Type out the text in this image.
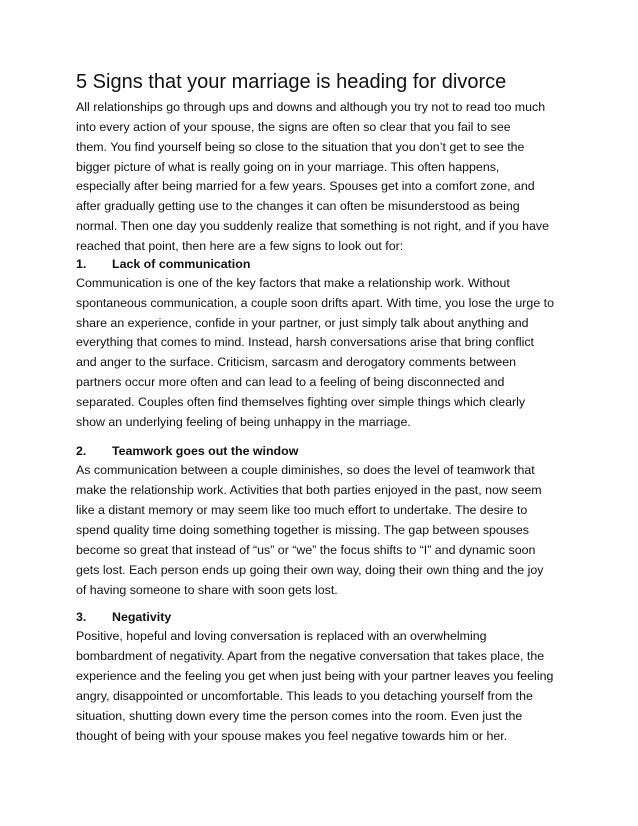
5 Signs that your marriage is heading for divorce
All relationships go through ups and downs and although you try not to read too much
into every action of your spouse, the signs are often so clear that you fail to see
them. You find yourself being so close to the situation that you don’t get to see the
bigger picture of what is really going on in your marriage. This often happens,
especially after being married for a few years. Spouses get into a comfort zone, and
after gradually getting use to the changes it can often be misunderstood as being
normal. Then one day you suddenly realize that something is not right, and if you have
reached that point, then here are a few signs to look out for:
1. Lack of communication
Communication is one of the key factors that make a relationship work. Without
spontaneous communication, a couple soon drifts apart. With time, you lose the urge to
share an experience, confide in your partner, or just simply talk about anything and
everything that comes to mind. Instead, harsh conversations arise that bring conflict
and anger to the surface. Criticism, sarcasm and derogatory comments between
partners occur more often and can lead to a feeling of being disconnected and
separated. Couples often find themselves fighting over simple things which clearly
show an underlying feeling of being unhappy in the marriage.
2. Teamwork goes out the window
As communication between a couple diminishes, so does the level of teamwork that
make the relationship work. Activities that both parties enjoyed in the past, now seem
like a distant memory or may seem like too much effort to undertake. The desire to
spend quality time doing something together is missing. The gap between spouses
become so great that instead of “us” or “we” the focus shifts to “I” and dynamic soon
gets lost. Each person ends up going their own way, doing their own thing and the joy
of having someone to share with soon gets lost.
3. Negativity
Positive, hopeful and loving conversation is replaced with an overwhelming
bombardment of negativity. Apart from the negative conversation that takes place, the
experience and the feeling you get when just being with your partner leaves you feeling
angry, disappointed or uncomfortable. This leads to you detaching yourself from the
situation, shutting down every time the person comes into the room. Even just the
thought of being with your spouse makes you feel negative towards him or her.
